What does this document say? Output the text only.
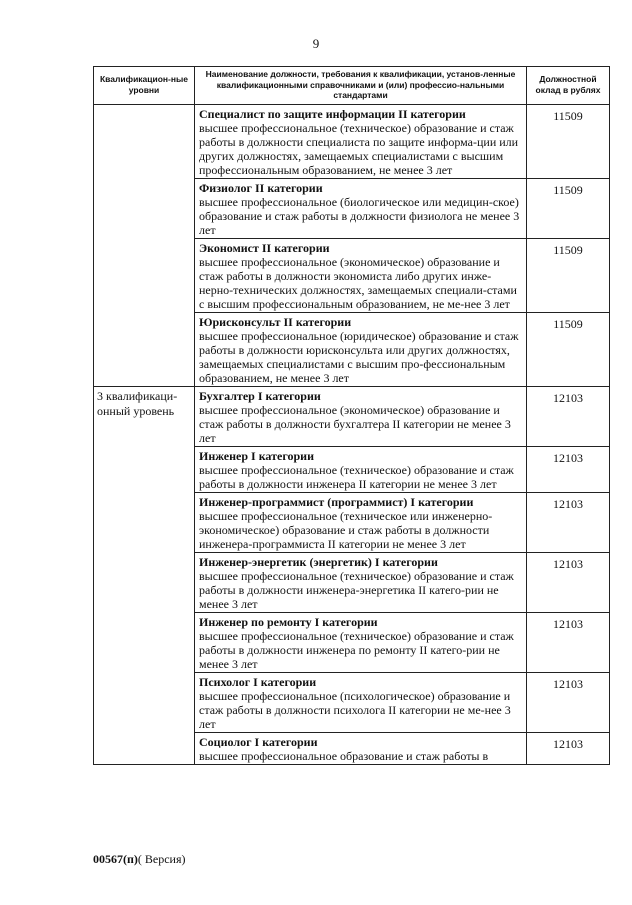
9
Квалификацион-ные уровни	Наименование должности, требования к квалификации, установ-ленные квалификационными справочниками и (или) профессио-нальными стандартами	Должностной оклад в рублях

	Специалист по защите информации II категории
высшее профессиональное (техническое) образование и стаж работы в должности специалиста по защите информа-ции или других должностях, замещаемых специалистами с высшим профессиональным образованием, не менее 3 лет	11509

	Физиолог II категории
высшее профессиональное (биологическое или медицин-ское) образование и стаж работы в должности физиолога не менее 3 лет	11509

	Экономист II категории
высшее профессиональное (экономическое) образование и стаж работы в должности экономиста либо других инже-нерно-технических должностях, замещаемых специали-стами с высшим профессиональным образованием, не ме-нее 3 лет	11509

	Юрисконсульт II категории
высшее профессиональное (юридическое) образование и стаж работы в должности юрисконсульта или других должностях, замещаемых специалистами с высшим про-фессиональным образованием, не менее 3 лет	11509
3 квалификаци-онный уровень	Бухгалтер I категории
высшее профессиональное (экономическое) образование и стаж работы в должности бухгалтера II категории не менее 3 лет	12103

	Инженер I категории
высшее профессиональное (техническое) образование и стаж работы в должности инженера II категории не менее 3 лет	12103

	Инженер-программист (программист) I категории
высшее профессиональное (техническое или инженерно-экономическое) образование и стаж работы в должности инженера-программиста II категории не менее 3 лет	12103

	Инженер-энергетик (энергетик) I категории
высшее профессиональное (техническое) образование и стаж работы в должности инженера-энергетика II катего-рии не менее 3 лет	12103

	Инженер по ремонту I категории
высшее профессиональное (техническое) образование и стаж работы в должности инженера по ремонту II катего-рии не менее 3 лет	12103

	Психолог I категории
высшее профессиональное (психологическое) образование и стаж работы в должности психолога II категории не ме-нее 3 лет	12103

	Социолог I категории
высшее профессиональное образование и стаж работы в	12103
00567(п)( Версия)
